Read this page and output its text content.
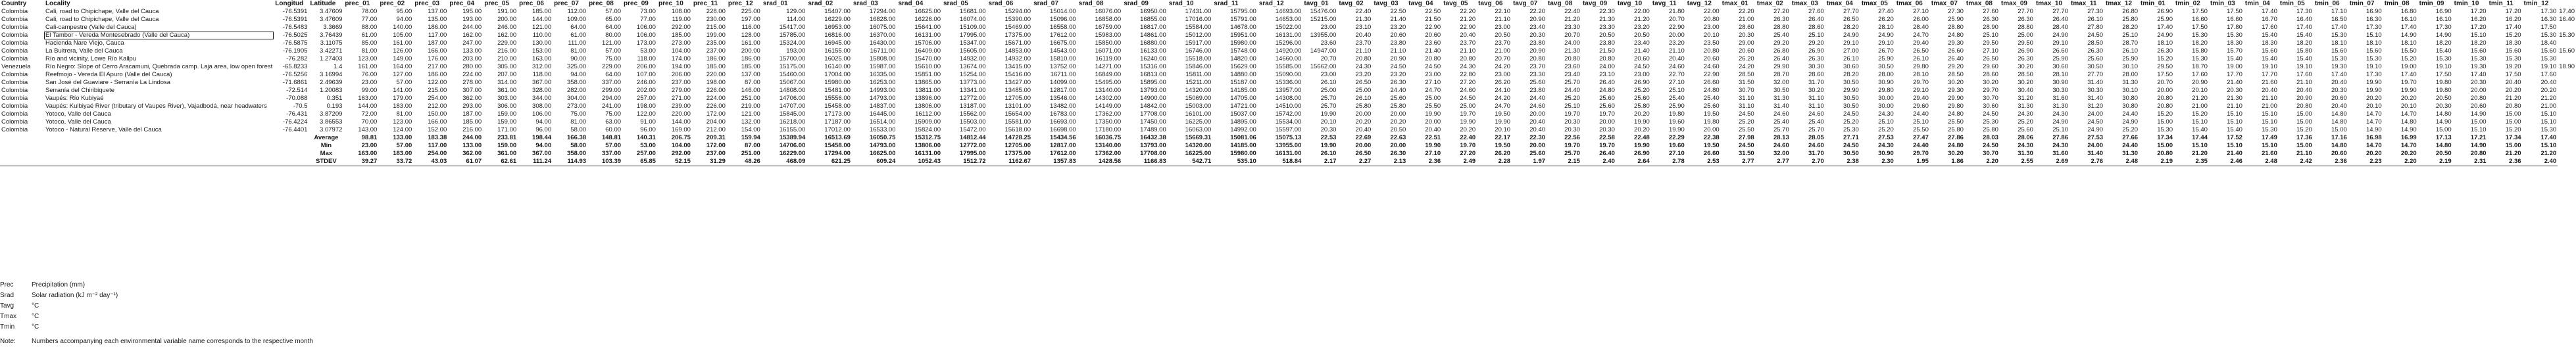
Country	Locality	Longitud	Latitude	prec_01	prec_02	prec_03	prec_04	prec_05	prec_06	prec_07	prec_08	prec_09	prec_10	prec_11	prec_12	srad_01	srad_02	srad_03	srad_04	srad_05	srad_06	srad_07	srad_08	srad_09	srad_10	srad_11	srad_12	tavg_01	tavg_02	tavg_03	tavg_04	tavg_05	tavg_06	tavg_07	tavg_08	tavg_09	tavg_10	tavg_11	tavg_12	tmax_01	tmax_02	tmax_03	tmax_04	tmax_05	tmax_06	tmax_07	tmax_08	tmax_09	tmax_10	tmax_11	tmax_12	tmin_01	tmin_02	tmin_03	tmin_04	tmin_05	tmin_06	tmin_07	tmin_08	tmin_09	tmin_10	tmin_11	tmin_12
Colombia	Cali, road to Chipichape, Valle del Cauca	-76.5391	3.47609	78.00	95.00	137.00	195.00	191.00	185.00	112.00	57.00	73.00	108.00	228.00	225.00	129.00	15407.00	17294.00	16625.00	15681.00	15294.00	15014.00	16076.00	16950.00	17431.00	15795.00	14693.00	15476.00	22.40	22.50	22.50	22.20	22.10	22.20	22.40	22.30	22.00	21.80	22.00	22.20	27.20	27.60	27.70	27.40	27.10	27.30	27.60	27.70	27.70	27.30	26.80	26.90	17.50	17.50	17.40	17.30	17.10	16.90	16.80	16.90	17.20	17.20	17.30	17.40
Colombia	Cali, road to Chipichape, Valle del Cauca	-76.5391	3.47609	77.00	94.00	135.00	193.00	200.00	144.00	109.00	65.00	77.00	119.00	230.00	197.00	114.00	16229.00	16828.00	16226.00	16074.00	15390.00	15096.00	16858.00	16855.00	17016.00	15791.00	14653.00	15215.00	21.30	21.40	21.50	21.20	21.10	20.90	21.20	21.30	21.20	20.70	20.80	21.00	26.30	26.40	26.50	26.20	26.00	25.90	26.30	26.30	26.40	26.10	25.80	25.90	16.60	16.60	16.70	16.40	16.50	16.30	16.10	16.10	16.20	16.20	16.30	16.40
Colombia	Cali-campestre (Valle del Cauca)	-76.5483	3.3669	88.00	140.00	186.00	244.00	246.00	121.00	64.00	64.00	106.00	292.00	215.00	116.00	15417.00	16953.00	16075.00	15641.00	15109.00	15469.00	16558.00	16759.00	16817.00	15584.00	14678.00	15022.00	23.00	23.10	23.20	22.90	22.90	23.00	23.40	23.30	23.30	23.20	22.90	23.00	28.60	28.80	28.60	28.20	28.10	28.40	28.80	28.90	28.80	28.40	27.80	28.20	17.40	17.50	17.80	17.60	17.40	17.40	17.30	17.40	17.30	17.20	17.40	17.50
Colombia	El Tambor - Vereda Montesebrado (Valle del Cauca)	-76.5025	3.76439	61.00	105.00	117.00	162.00	162.00	110.00	61.00	80.00	106.00	185.00	199.00	128.00	15785.00	16816.00	16370.00	16131.00	17995.00	17375.00	17612.00	15983.00	14861.00	15012.00	15951.00	16131.00	13955.00	20.40	20.60	20.60	20.40	20.50	20.30	20.70	20.50	20.50	20.00	20.10	20.30	25.40	25.10	24.90	24.90	24.70	24.80	25.10	25.00	24.90	24.50	25.10	24.90	15.30	15.30	15.40	15.40	15.30	15.10	14.90	14.90	15.10	15.20	15.30	15.30
Colombia	Hacienda Nare Viejo, Cauca	-76.5875	3.11075	85.00	161.00	187.00	247.00	229.00	130.00	111.00	121.00	173.00	273.00	235.00	161.00	15324.00	16945.00	16430.00	15706.00	15347.00	15671.00	16675.00	15850.00	16880.00	15917.00	15980.00	15296.00	23.60	23.70	23.80	23.60	23.70	23.70	23.80	24.00	23.80	23.40	23.20	23.50	29.00	29.20	29.20	29.10	29.10	29.40	29.30	29.50	29.50	29.10	28.50	28.70	18.10	18.20	18.30	18.30	18.20	18.10	18.10	18.10	18.20	18.20	18.30	18.40
Colombia	La Buitrera, Valle del Cauca	-76.1905	3.42271	81.00	126.00	166.00	133.00	216.00	153.00	81.00	57.00	53.00	104.00	237.00	200.00	193.00	16155.00	16711.00	16409.00	15605.00	14853.00	14543.00	16071.00	16133.00	16746.00	15748.00	14920.00	14947.00	21.10	21.10	21.40	21.10	21.00	20.90	21.30	21.50	21.40	21.10	20.80	20.60	26.80	26.90	27.00	26.70	26.50	26.60	27.10	26.90	26.60	26.30	26.10	26.30	15.80	15.70	15.60	15.80	15.60	15.60	15.50	15.40	15.60	15.60	15.60	15.60
Colombia	Río and vicinity, Lowe Río Kallpu	-76.282	1.27403	123.00	149.00	176.00	203.00	210.00	163.00	90.00	75.00	118.00	174.00	186.00	186.00	15700.00	16025.00	15808.00	15470.00	14932.00	14932.00	15810.00	16119.00	16240.00	15518.00	14820.00	14660.00	20.70	20.80	20.90	20.80	20.80	20.70	20.80	20.80	20.80	20.60	20.40	20.60	26.20	26.40	26.30	26.10	25.90	26.10	26.40	26.50	26.30	25.90	25.60	25.90	15.20	15.30	15.40	15.40	15.40	15.30	15.30	15.20	15.30	15.30	15.30	15.30
Venezuela	Río Negro: Slope of Cerro Aracamuni, Quebrada camp. Laja area, low open forest	-65.8233	1.4	161.00	164.00	217.00	280.00	305.00	312.00	325.00	229.00	206.00	194.00	185.00	185.00	15175.00	16140.00	15987.00	15610.00	13674.00	13415.00	13752.00	14271.00	15316.00	15846.00	15629.00	15585.00	15662.00	24.30	24.50	24.50	24.30	24.20	23.70	23.60	24.00	24.50	24.60	24.60	24.20	29.90	30.30	30.60	30.50	29.80	29.20	29.60	30.20	30.60	30.50	30.10	29.50	18.70	19.00	19.10	19.10	19.30	19.10	19.00	19.10	19.30	19.20	19.10	18.90
Colombia	Reefmojo - Vereda El Apuro (Valle del Cauca)	-76.5256	3.16994	76.00	127.00	186.00	224.00	207.00	118.00	94.00	64.00	107.00	206.00	220.00	137.00	15460.00	17004.00	16335.00	15851.00	15254.00	15416.00	16711.00	16849.00	16813.00	15811.00	14880.00	15090.00	23.00	23.20	23.20	23.00	22.80	23.00	23.30	23.40	23.10	23.00	22.70	22.90	28.50	28.70	28.60	28.20	28.00	28.10	28.50	28.60	28.50	28.10	27.70	28.00	17.50	17.60	17.70	17.70	17.60	17.40	17.30	17.40	17.50	17.40	17.50	17.60
Colombia	San José del Guaviare - Serranía La Lindosa	-71.6861	2.49639	23.00	57.00	122.00	278.00	314.00	367.00	358.00	337.00	246.00	237.00	198.00	87.00	15067.00	15980.00	16253.00	13865.00	13773.00	13427.00	14099.00	15495.00	15895.00	15211.00	15187.00	15336.00	26.10	26.50	26.30	27.10	27.20	26.20	25.60	25.70	26.40	26.90	27.10	26.60	31.50	32.00	31.70	30.50	30.90	29.70	30.20	30.20	30.20	30.90	31.40	31.30	20.70	20.90	21.40	21.60	21.10	20.40	19.90	19.70	19.80	20.30	20.40	20.40
Colombia	Serranía del Chiribiquete	-72.514	1.20083	99.00	141.00	215.00	307.00	361.00	328.00	282.00	299.00	202.00	279.00	226.00	146.00	14808.00	15481.00	14993.00	13811.00	13341.00	13485.00	12817.00	13140.00	13793.00	14320.00	14185.00	13957.00	25.00	25.00	24.40	24.70	24.60	24.10	23.80	24.40	24.80	25.20	25.10	24.80	30.70	30.50	30.20	29.90	29.80	29.10	29.30	29.70	30.40	30.30	30.30	30.10	20.00	20.10	20.30	20.40	20.40	20.30	19.90	19.90	19.80	20.00	20.20	20.20
Colombia	Vaupés: Río Kubiyaé	-70.088	0.351	163.00	179.00	254.00	362.00	303.00	344.00	304.00	294.00	257.00	271.00	224.00	251.00	14706.00	15556.00	14793.00	13896.00	12772.00	12705.00	13546.00	14302.00	14900.00	15069.00	14705.00	14308.00	25.70	26.10	25.60	25.00	24.50	24.20	24.40	25.20	25.60	25.60	25.40	25.40	31.10	31.30	31.10	30.50	30.00	29.40	29.90	30.70	31.20	31.60	31.40	30.80	20.80	21.20	21.30	21.10	20.90	20.60	20.20	20.20	20.50	20.80	21.20	21.20
Colombia	Vaupés: Kulbiyaé River (tributary of Vaupes River), Vajadbodá, near headwaters	-70.5	0.193	144.00	183.00	212.00	293.00	306.00	308.00	273.00	241.00	198.00	239.00	226.00	219.00	14707.00	15458.00	14837.00	13806.00	13187.00	13101.00	13482.00	14149.00	14842.00	15003.00	14721.00	14510.00	25.70	25.80	25.80	25.50	25.00	24.70	24.60	25.10	25.60	25.80	25.90	25.60	31.10	31.40	31.10	30.50	30.00	29.60	29.80	30.60	31.30	31.30	31.20	30.80	20.80	21.00	21.10	21.00	20.80	20.40	20.10	20.10	20.30	20.60	20.80	21.00
Colombia	Yotoco, Valle del Cauca	-76.431	3.87209	72.00	81.00	150.00	187.00	159.00	106.00	75.00	75.00	122.00	220.00	172.00	121.00	15845.00	17173.00	16445.00	16112.00	15562.00	15654.00	16783.00	17362.00	17708.00	16101.00	15037.00	15742.00	19.90	20.00	20.00	19.90	19.70	19.50	20.00	19.70	19.70	20.20	19.80	19.50	24.50	24.60	24.60	24.50	24.30	24.40	24.80	24.50	24.30	24.30	24.00	24.40	15.20	15.20	15.10	15.10	15.00	14.80	14.70	14.70	14.80	14.90	15.00	15.10
Colombia	Yotoco, Valle del Cauca	-76.4224	3.86553	70.00	123.00	166.00	185.00	159.00	94.00	81.00	63.00	91.00	144.00	204.00	132.00	16218.00	17187.00	16514.00	15909.00	15503.00	15581.00	16693.00	17350.00	17450.00	16225.00	14895.00	15534.00	20.10	20.20	20.20	20.00	19.90	19.90	20.40	20.30	20.00	19.90	19.60	19.80	25.20	25.40	25.40	25.20	25.10	25.10	25.50	25.30	25.20	24.90	24.50	24.90	15.00	15.10	15.10	15.10	15.00	14.80	14.70	14.80	14.90	15.00	15.00	15.10
Colombia	Yotoco - Natural Reserve, Valle del Cauca	-76.4401	3.07972	143.00	124.00	152.00	216.00	171.00	96.00	58.00	60.00	96.00	169.00	212.00	154.00	16155.00	17012.00	16533.00	15824.00	15472.00	15618.00	16698.00	17180.00	17489.00	16063.00	14992.00	15597.00	20.30	20.40	20.50	20.40	20.20	20.10	20.40	20.30	20.30	20.20	19.90	20.00	25.50	25.70	25.70	25.30	25.20	25.50	25.80	25.80	25.60	25.10	24.90	25.20	15.30	15.40	15.40	15.30	15.20	15.00	14.90	14.90	15.00	15.10	15.20	15.30
			Average	98.81	133.00	183.38	244.00	233.81	198.44	166.38	148.81	140.31	206.75	209.31	159.94	15389.94	16513.69	16050.75	15312.75	14812.44	14728.25	15434.56	16036.75	16432.38	15669.31	15081.06	15075.13	22.53	22.69	22.63	22.51	22.40	22.17	22.30	22.56	22.58	22.48	22.29	22.38	27.98	28.13	28.05	27.71	27.53	27.47	27.86	28.03	28.06	27.86	27.53	27.66	17.34	17.44	17.52	17.49	17.36	17.16	16.98	16.99	17.13	17.21	17.34	17.40
			Min	23.00	57.00	117.00	133.00	159.00	94.00	58.00	57.00	53.00	104.00	172.00	87.00	14706.00	15458.00	14793.00	13806.00	12772.00	12705.00	12817.00	13140.00	13793.00	14320.00	14185.00	13955.00	19.90	20.00	20.00	19.90	19.70	19.50	20.00	19.70	19.70	19.90	19.60	19.50	24.50	24.60	24.60	24.50	24.30	24.40	24.80	24.50	24.30	24.30	24.00	24.40	15.00	15.10	15.10	15.10	15.00	14.80	14.70	14.70	14.80	14.90	15.00	15.10
			Max	163.00	183.00	254.00	362.00	361.00	367.00	358.00	337.00	257.00	292.00	237.00	251.00	16229.00	17294.00	16625.00	16131.00	17995.00	17375.00	17612.00	17362.00	17708.00	16225.00	15980.00	16131.00	26.10	26.50	26.30	27.10	27.20	26.20	25.60	25.70	26.40	26.90	27.10	26.60	31.50	32.00	31.70	30.50	30.90	29.70	30.20	30.70	31.30	31.60	31.40	31.30	20.80	21.20	21.40	21.60	21.10	20.60	20.20	20.20	20.50	20.80	21.20	21.20
			STDEV	39.27	33.72	43.03	61.07	62.61	111.24	114.93	103.39	65.85	52.15	31.29	48.26	468.09	621.25	609.24	1052.43	1512.72	1162.67	1357.83	1428.56	1166.83	542.71	535.10	518.84	2.17	2.27	2.13	2.36	2.49	2.28	1.97	2.15	2.40	2.64	2.78	2.53	2.77	2.77	2.70	2.38	2.30	1.95	1.86	2.20	2.55	2.69	2.76	2.48	2.19	2.35	2.46	2.48	2.42	2.36	2.23	2.20	2.19	2.31	2.36	2.40
Prec	Precipitation (mm)
Srad	Solar radiation (kJ m⁻² day⁻¹)
Tavg	°C
Tmax	°C
Tmin	°C
Note:	Numbers accompanying each environmental variable name corresponds to the respective month
